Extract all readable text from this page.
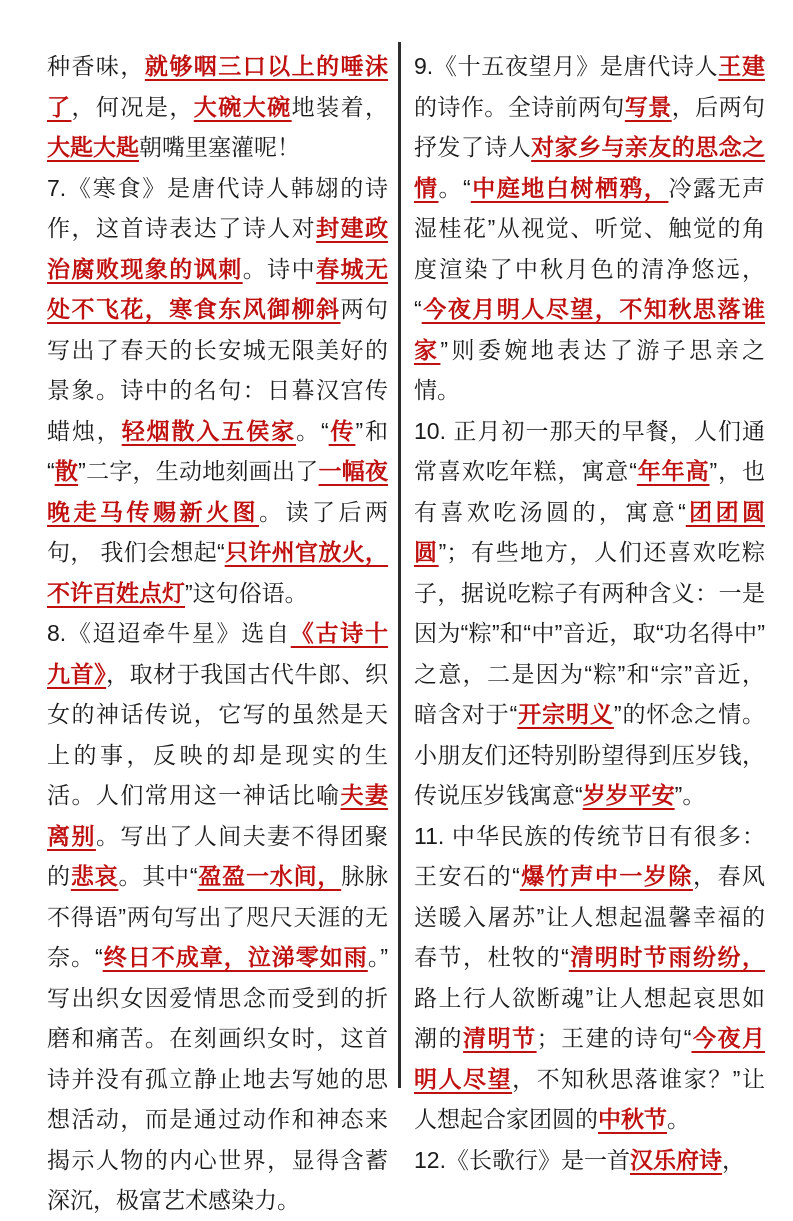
种香味，就够咽三口以上的唾沫了，何况是，大碗大碗地装着，大匙大匙朝嘴里塞灌呢！

7.《寒食》是唐代诗人韩翃的诗作，这首诗表达了诗人对封建政治腐败现象的讽刺。诗中春城无处不飞花，寒食东风御柳斜两句写出了春天的长安城无限美好的景象。诗中的名句：日暮汉宫传蜡烛，轻烟散入五侯家。“传”和“散”二字，生动地刻画出了一幅夜晚走马传赐新火图。读了后两句， 我们会想起“只许州官放火，不许百姓点灯”这句俗语。

8.《迢迢牵牛星》选自《古诗十九首》，取材于我国古代牛郎、织女的神话传说，它写的虽然是天上的事，反映的却是现实的生活。人们常用这一神话比喻夫妻离别。写出了人间夫妻不得团聚的悲哀。其中“盈盈一水间，脉脉不得语”两句写出了咫尺天涯的无奈。“终日不成章，泣涕零如雨。”写出织女因爱情思念而受到的折磨和痛苦。在刻画织女时，这首诗并没有孤立静止地去写她的思想活动，而是通过动作和神态来揭示人物的内心世界，显得含蓄深沉，极富艺术感染力。

9.《十五夜望月》是唐代诗人王建的诗作。全诗前两句写景，后两句抒发了诗人对家乡与亲友的思念之情。“中庭地白树栖鸦，冷露无声湿桂花”从视觉、听觉、触觉的角度渲染了中秋月色的清净悠远，“今夜月明人尽望，不知秋思落谁家”则委婉地表达了游子思亲之情。

10. 正月初一那天的早餐，人们通常喜欢吃年糕，寓意“年年高”，也有喜欢吃汤圆的，寓意“团团圆圆”；有些地方，人们还喜欢吃粽子，据说吃粽子有两种含义：一是因为“粽”和“中”音近，取“功名得中”之意，二是因为“粽”和“宗”音近，暗含对于“开宗明义”的怀念之情。小朋友们还特别盼望得到压岁钱，传说压岁钱寓意“岁岁平安”。

11. 中华民族的传统节日有很多：王安石的“爆竹声中一岁除，春风送暖入屠苏”让人想起温馨幸福的春节，杜牧的“清明时节雨纷纷，路上行人欲断魂”让人想起哀思如潮的清明节；王建的诗句“今夜月明人尽望，不知秋思落谁家？”让人想起合家团圆的中秋节。

12.《长歌行》是一首汉乐府诗，
